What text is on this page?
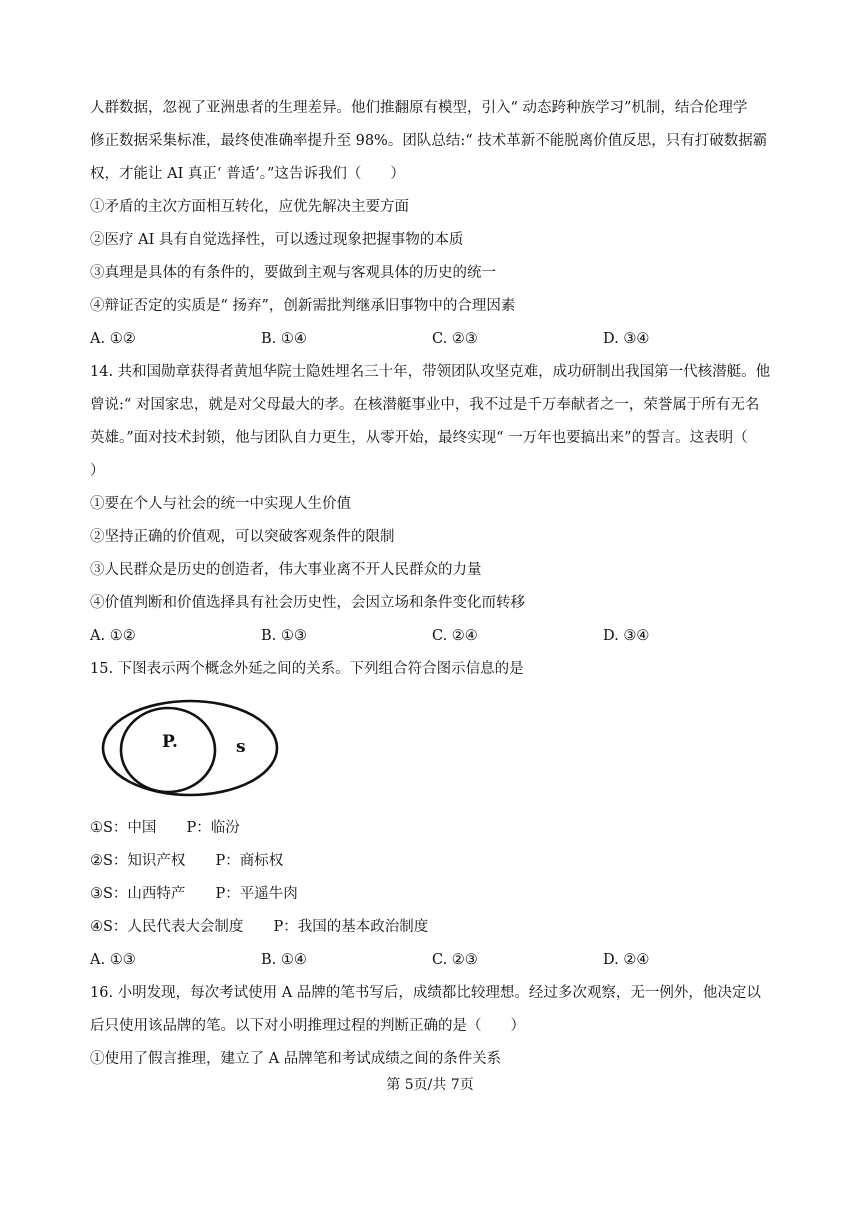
人群数据，忽视了亚洲患者的生理差异。他们推翻原有模型，引入“ 动态跨种族学习”机制，结合伦理学
修正数据采集标准，最终使准确率提升至 98%。团队总结:“ 技术革新不能脱离价值反思，只有打破数据霸
权，才能让 AI 真正‘ 普适’。”这告诉我们（　　）
①矛盾的主次方面相互转化，应优先解决主要方面
②医疗 AI 具有自觉选择性，可以透过现象把握事物的本质
③真理是具体的有条件的，要做到主观与客观具体的历史的统一
④辩证否定的实质是“ 扬弃”，创新需批判继承旧事物中的合理因素
A. ①②	B. ①④	C. ②③	D. ③④
14. 共和国勋章获得者黄旭华院士隐姓埋名三十年，带领团队攻坚克难，成功研制出我国第一代核潜艇。他
曾说:“ 对国家忠，就是对父母最大的孝。在核潜艇事业中，我不过是千万奉献者之一，荣誉属于所有无名
英雄。”面对技术封锁，他与团队自力更生，从零开始，最终实现“ 一万年也要搞出来”的誓言。这表明（
）
①要在个人与社会的统一中实现人生价值
②坚持正确的价值观，可以突破客观条件的限制
③人民群众是历史的创造者，伟大事业离不开人民群众的力量
④价值判断和价值选择具有社会历史性，会因立场和条件变化而转移
A. ①②	B. ①③	C. ②④	D. ③④
15. 下图表示两个概念外延之间的关系。下列组合符合图示信息的是
P.	s
①S：中国 P：临汾
②S：知识产权 P：商标权
③S：山西特产 P：平遥牛肉
④S：人民代表大会制度 P：我国的基本政治制度
A. ①③	B. ①④	C. ②③	D. ②④
16. 小明发现，每次考试使用 A 品牌的笔书写后，成绩都比较理想。经过多次观察，无一例外，他决定以
后只使用该品牌的笔。以下对小明推理过程的判断正确的是（　　）
①使用了假言推理，建立了 A 品牌笔和考试成绩之间的条件关系
第 5页/共 7页
